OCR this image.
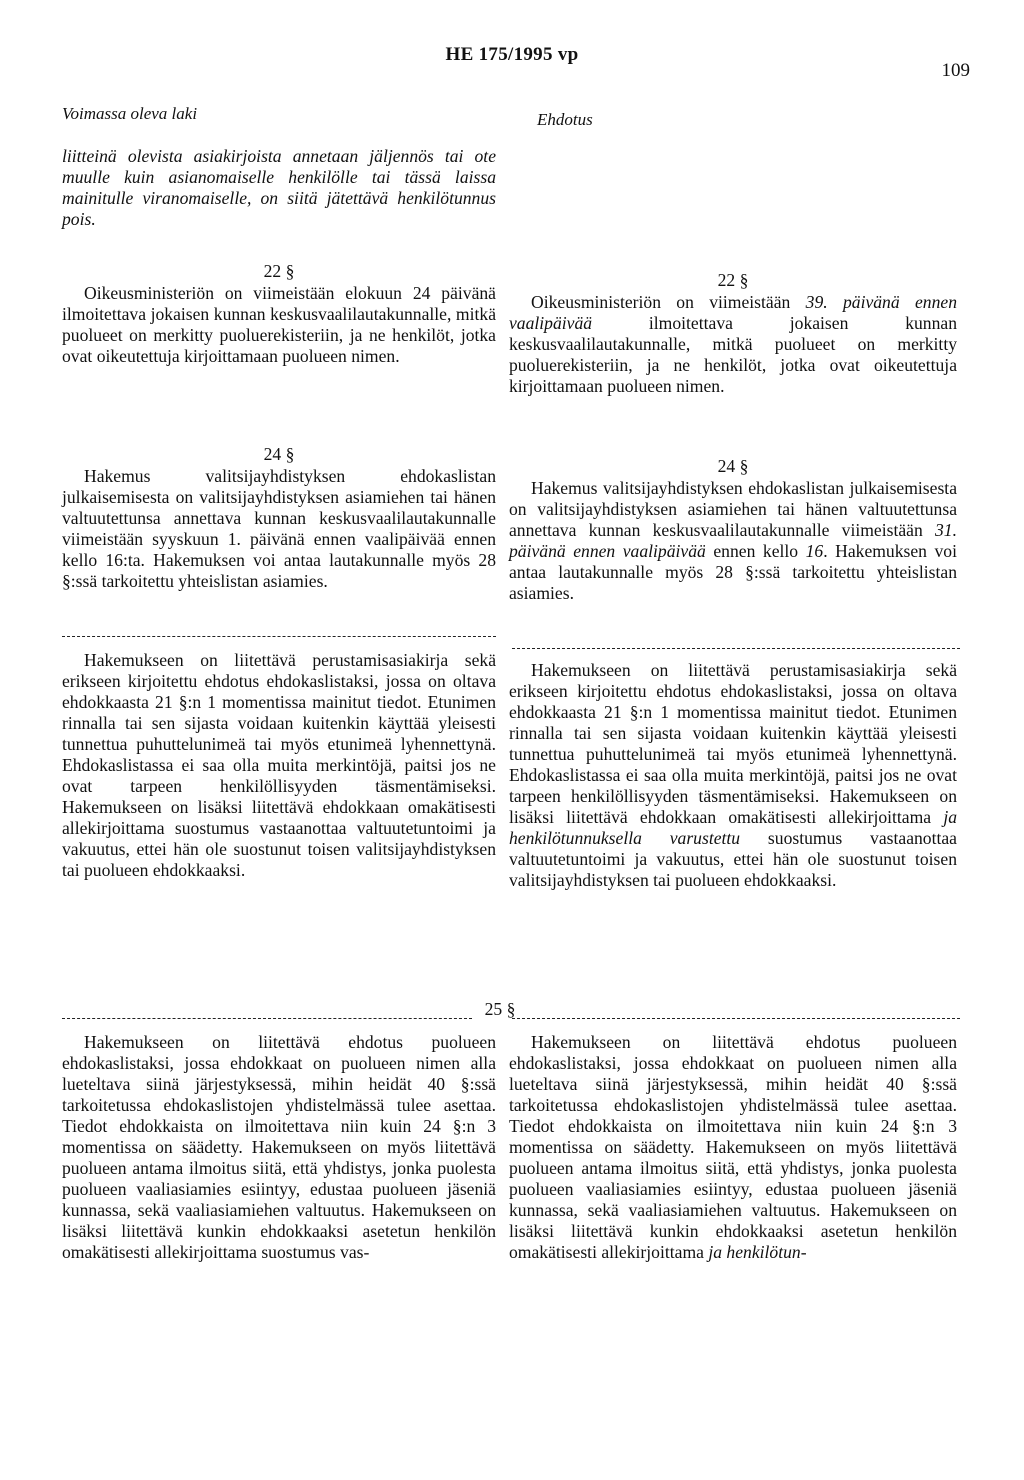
HE 175/1995 vp
109
Voimassa oleva laki	Ehdotus

liitteinä olevista asiakirjoista annetaan jäljennös tai ote muulle kuin asianomaiselle henkilölle tai tässä laissa mainitulle viranomaiselle, on siitä jätettävä henkilötunnus pois.

22 §

Oikeusministeriön on viimeistään elokuun 24 päivänä ilmoitettava jokaisen kunnan keskusvaalilautakunnalle, mitkä puolueet on merkitty puoluerekisteriin, ja ne henkilöt, jotka ovat oikeutettuja kirjoittamaan puolueen nimen.

24 §

Hakemus valitsijayhdistyksen ehdokaslistan julkaisemisesta on valitsijayhdistyksen asiamiehen tai hänen valtuutettunsa annettava kunnan keskusvaalilautakunnalle viimeistään syyskuun 1. päivänä ennen vaalipäivää ennen kello 16:ta. Hakemuksen voi antaa lautakunnalle myös 28 §:ssä tarkoitettu yhteislistan asiamies.

Hakemukseen on liitettävä perustamisasiakirja sekä erikseen kirjoitettu ehdotus ehdokaslistaksi, jossa on oltava ehdokkaasta 21 §:n 1 momentissa mainitut tiedot. Etunimen rinnalla tai sen sijasta voidaan kuitenkin käyttää yleisesti tunnettua puhuttelunimeä tai myös etunimeä lyhennettynä. Ehdokaslistassa ei saa olla muita merkintöjä, paitsi jos ne ovat tarpeen henkilöllisyyden täsmentämiseksi. Hakemukseen on lisäksi liitettävä ehdokkaan omakätisesti allekirjoittama suostumus vastaanottaa valtuutetuntoimi ja vakuutus, ettei hän ole suostunut toisen valitsijayhdistyksen tai puolueen ehdokkaaksi.

Hakemukseen on liitettävä ehdotus puolueen ehdokaslistaksi, jossa ehdokkaat on puolueen nimen alla lueteltava siinä järjestyksessä, mihin heidät 40 §:ssä tarkoitetussa ehdokaslistojen yhdistelmässä tulee asettaa. Tiedot ehdokkaista on ilmoitettava niin kuin 24 §:n 3 momentissa on säädetty. Hakemukseen on myös liitettävä puolueen antama ilmoitus siitä, että yhdistys, jonka puolesta puolueen vaaliasiamies esiintyy, edustaa puolueen jäseniä kunnassa, sekä vaaliasiamiehen valtuutus. Hakemukseen on lisäksi liitettävä kunkin ehdokkaaksi asetetun henkilön omakätisesti allekirjoittama suostumus vas-

25 §
22 §

Oikeusministeriön on viimeistään 39. päivänä ennen vaalipäivää ilmoitettava jokaisen kunnan keskusvaalilautakunnalle, mitkä puolueet on merkitty puoluerekisteriin, ja ne henkilöt, jotka ovat oikeutettuja kirjoittamaan puolueen nimen.

24 §

Hakemus valitsijayhdistyksen ehdokaslistan julkaisemisesta on valitsijayhdistyksen asiamiehen tai hänen valtuutettunsa annettava kunnan keskusvaalilautakunnalle viimeistään 31. päivänä ennen vaalipäivää ennen kello 16. Hakemuksen voi antaa lautakunnalle myös 28 §:ssä tarkoitettu yhteislistan asiamies.

Hakemukseen on liitettävä perustamisasiakirja sekä erikseen kirjoitettu ehdotus ehdokaslistaksi, jossa on oltava ehdokkaasta 21 §:n 1 momentissa mainitut tiedot. Etunimen rinnalla tai sen sijasta voidaan kuitenkin käyttää yleisesti tunnettua puhuttelunimeä tai myös etunimeä lyhennettynä. Ehdokaslistassa ei saa olla muita merkintöjä, paitsi jos ne ovat tarpeen henkilöllisyyden täsmentämiseksi. Hakemukseen on lisäksi liitettävä ehdokkaan omakätisesti allekirjoittama ja henkilötunnuksella varustettu suostumus vastaanottaa valtuutetuntoimi ja vakuutus, ettei hän ole suostunut toisen valitsijayhdistyksen tai puolueen ehdokkaaksi.

Hakemukseen on liitettävä ehdotus puolueen ehdokaslistaksi, jossa ehdokkaat on puolueen nimen alla lueteltava siinä järjestyksessä, mihin heidät 40 §:ssä tarkoitetussa ehdokaslistojen yhdistelmässä tulee asettaa. Tiedot ehdokkaista on ilmoitettava niin kuin 24 §:n 3 momentissa on säädetty. Hakemukseen on myös liitettävä puolueen antama ilmoitus siitä, että yhdistys, jonka puolesta puolueen vaaliasiamies esiintyy, edustaa puolueen jäseniä kunnassa, sekä vaaliasiamiehen valtuutus. Hakemukseen on lisäksi liitettävä kunkin ehdokkaaksi asetetun henkilön omakätisesti allekirjoittama ja henkilötun-
